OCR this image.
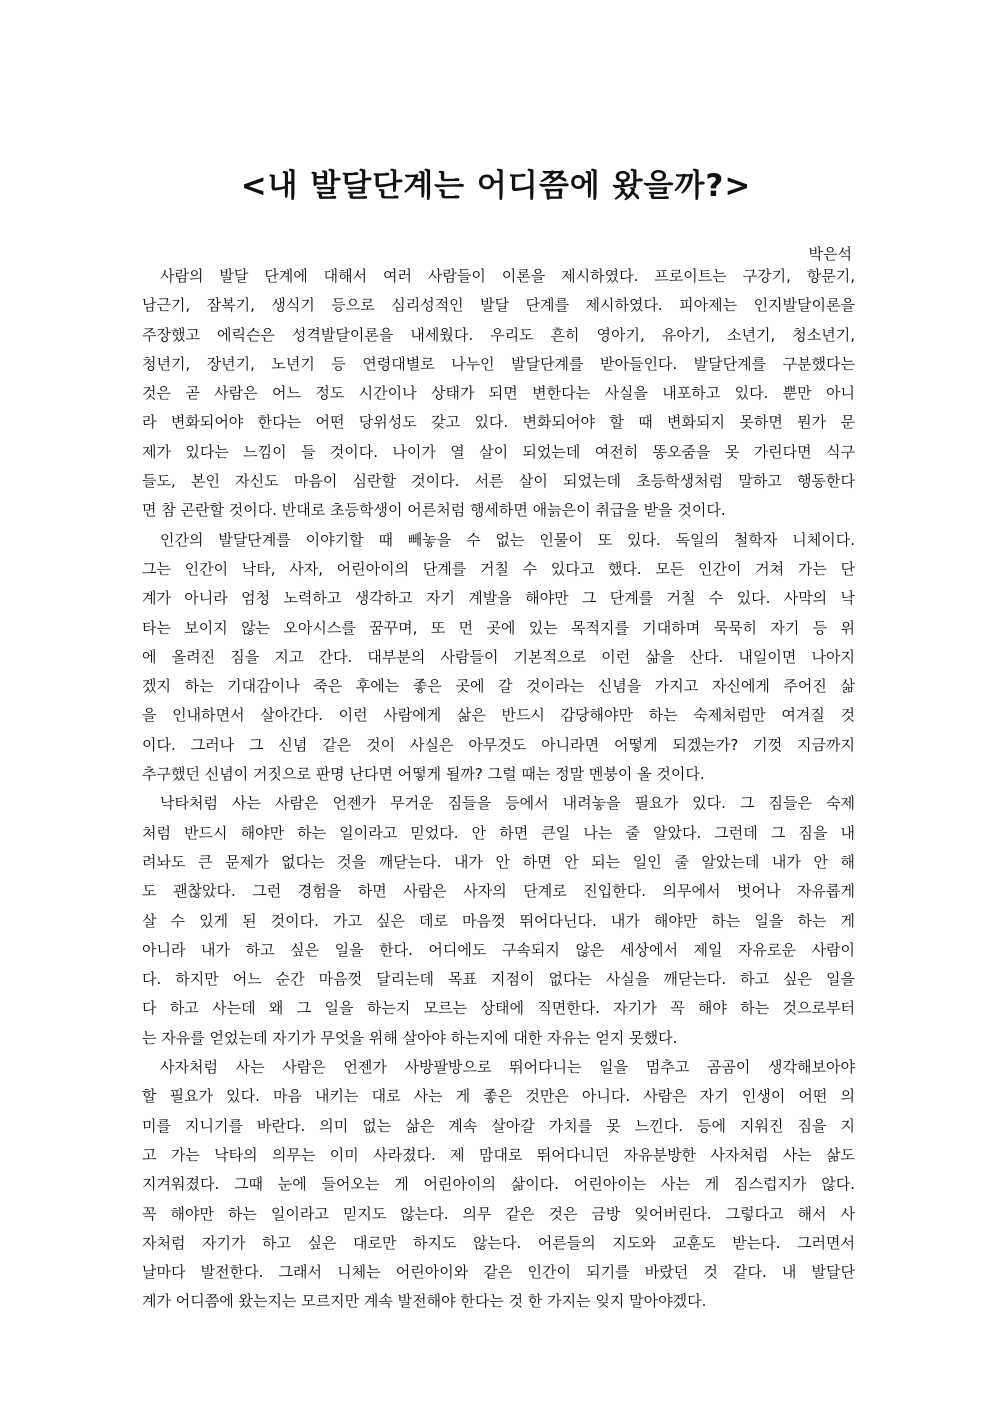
<내 발달단계는 어디쯤에 왔을까?>
박은석
사람의 발달 단계에 대해서 여러 사람들이 이론을 제시하였다. 프로이트는 구강기, 항문기,
남근기, 잠복기, 생식기 등으로 심리성적인 발달 단계를 제시하였다. 피아제는 인지발달이론을
주장했고 에릭슨은 성격발달이론을 내세웠다. 우리도 흔히 영아기, 유아기, 소년기, 청소년기,
청년기, 장년기, 노년기 등 연령대별로 나누인 발달단계를 받아들인다. 발달단계를 구분했다는
것은 곧 사람은 어느 정도 시간이나 상태가 되면 변한다는 사실을 내포하고 있다. 뿐만 아니
라 변화되어야 한다는 어떤 당위성도 갖고 있다. 변화되어야 할 때 변화되지 못하면 뭔가 문
제가 있다는 느낌이 들 것이다. 나이가 열 살이 되었는데 여전히 똥오줌을 못 가린다면 식구
들도, 본인 자신도 마음이 심란할 것이다. 서른 살이 되었는데 초등학생처럼 말하고 행동한다
면 참 곤란할 것이다. 반대로 초등학생이 어른처럼 행세하면 애늙은이 취급을 받을 것이다.
인간의 발달단계를 이야기할 때 빼놓을 수 없는 인물이 또 있다. 독일의 철학자 니체이다.
그는 인간이 낙타, 사자, 어린아이의 단계를 거칠 수 있다고 했다. 모든 인간이 거쳐 가는 단
계가 아니라 엄청 노력하고 생각하고 자기 계발을 해야만 그 단계를 거칠 수 있다. 사막의 낙
타는 보이지 않는 오아시스를 꿈꾸며, 또 먼 곳에 있는 목적지를 기대하며 묵묵히 자기 등 위
에 올려진 짐을 지고 간다. 대부분의 사람들이 기본적으로 이런 삶을 산다. 내일이면 나아지
겠지 하는 기대감이나 죽은 후에는 좋은 곳에 갈 것이라는 신념을 가지고 자신에게 주어진 삶
을 인내하면서 살아간다. 이런 사람에게 삶은 반드시 감당해야만 하는 숙제처럼만 여겨질 것
이다. 그러나 그 신념 같은 것이 사실은 아무것도 아니라면 어떻게 되겠는가? 기껏 지금까지
추구했던 신념이 거짓으로 판명 난다면 어떻게 될까? 그럴 때는 정말 멘붕이 올 것이다.
낙타처럼 사는 사람은 언젠가 무거운 짐들을 등에서 내려놓을 필요가 있다. 그 짐들은 숙제
처럼 반드시 해야만 하는 일이라고 믿었다. 안 하면 큰일 나는 줄 알았다. 그런데 그 짐을 내
려놔도 큰 문제가 없다는 것을 깨닫는다. 내가 안 하면 안 되는 일인 줄 알았는데 내가 안 해
도 괜찮았다. 그런 경험을 하면 사람은 사자의 단계로 진입한다. 의무에서 벗어나 자유롭게
살 수 있게 된 것이다. 가고 싶은 데로 마음껏 뛰어다닌다. 내가 해야만 하는 일을 하는 게
아니라 내가 하고 싶은 일을 한다. 어디에도 구속되지 않은 세상에서 제일 자유로운 사람이
다. 하지만 어느 순간 마음껏 달리는데 목표 지점이 없다는 사실을 깨닫는다. 하고 싶은 일을
다 하고 사는데 왜 그 일을 하는지 모르는 상태에 직면한다. 자기가 꼭 해야 하는 것으로부터
는 자유를 얻었는데 자기가 무엇을 위해 살아야 하는지에 대한 자유는 얻지 못했다.
사자처럼 사는 사람은 언젠가 사방팔방으로 뛰어다니는 일을 멈추고 곰곰이 생각해보아야
할 필요가 있다. 마음 내키는 대로 사는 게 좋은 것만은 아니다. 사람은 자기 인생이 어떤 의
미를 지니기를 바란다. 의미 없는 삶은 계속 살아갈 가치를 못 느낀다. 등에 지워진 짐을 지
고 가는 낙타의 의무는 이미 사라졌다. 제 맘대로 뛰어다니던 자유분방한 사자처럼 사는 삶도
지겨워졌다. 그때 눈에 들어오는 게 어린아이의 삶이다. 어린아이는 사는 게 짐스럽지가 않다.
꼭 해야만 하는 일이라고 믿지도 않는다. 의무 같은 것은 금방 잊어버린다. 그렇다고 해서 사
자처럼 자기가 하고 싶은 대로만 하지도 않는다. 어른들의 지도와 교훈도 받는다. 그러면서
날마다 발전한다. 그래서 니체는 어린아이와 같은 인간이 되기를 바랐던 것 같다. 내 발달단
계가 어디쯤에 왔는지는 모르지만 계속 발전해야 한다는 것 한 가지는 잊지 말아야겠다.
